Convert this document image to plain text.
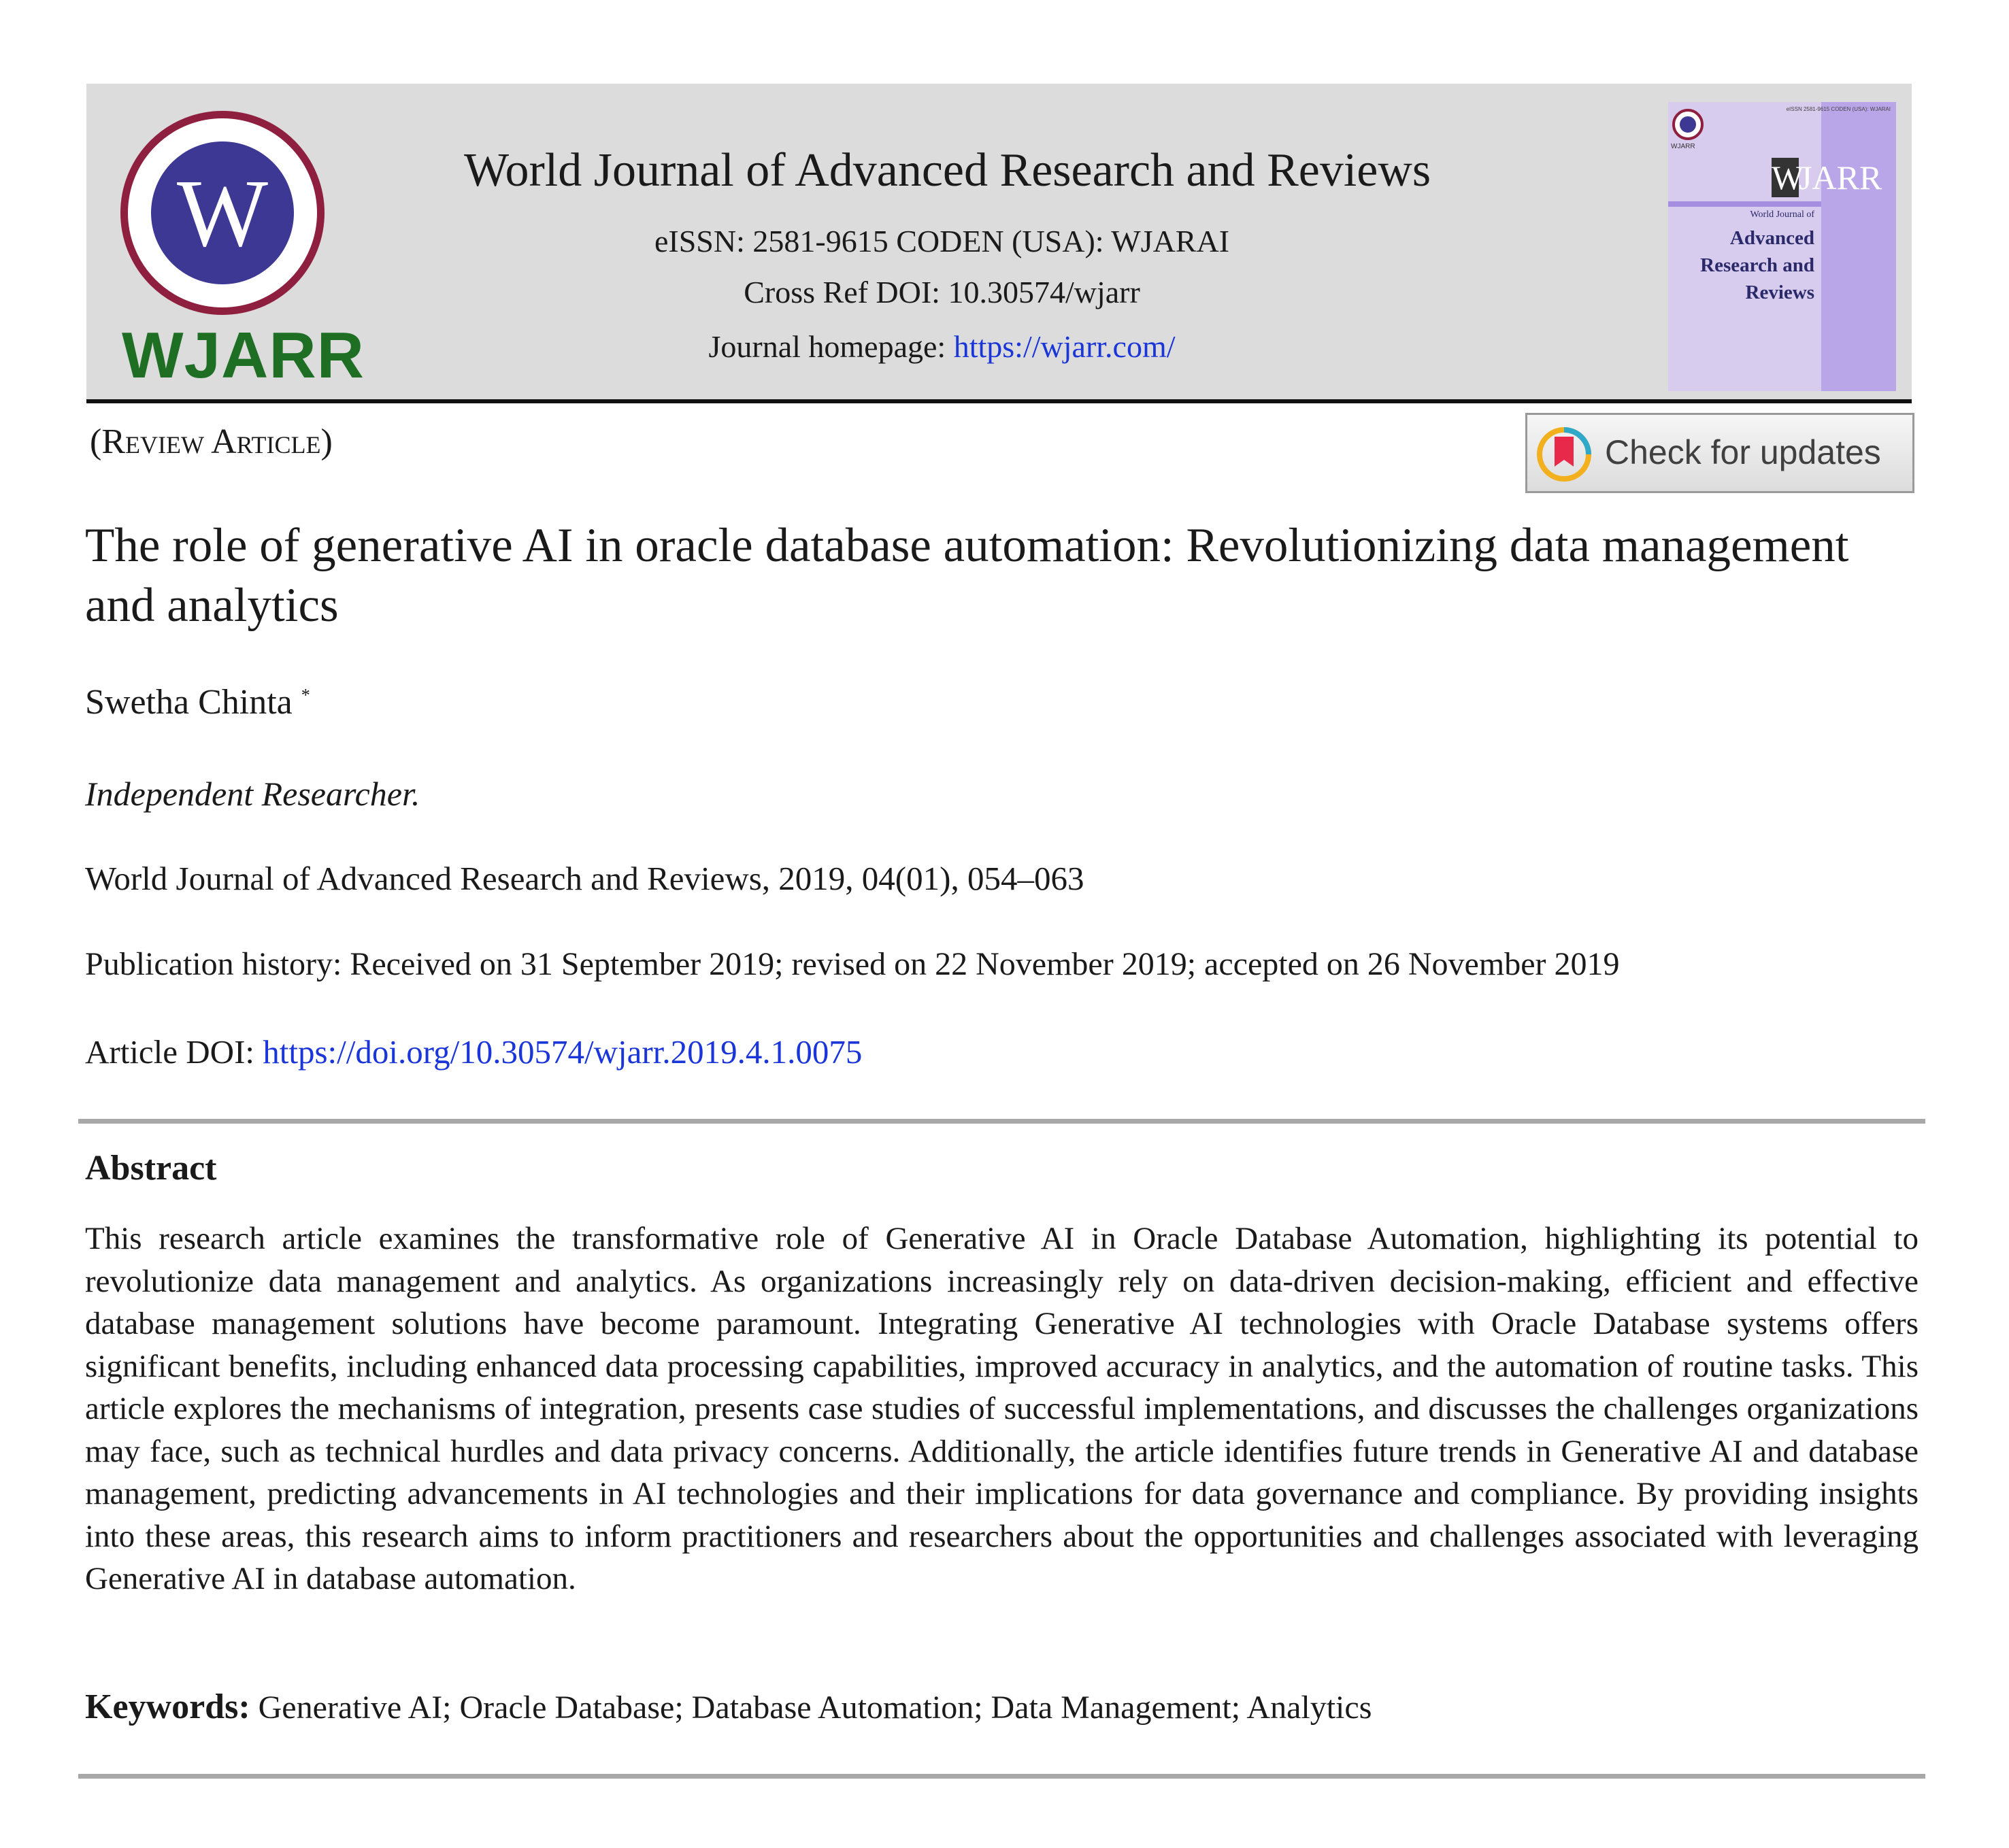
W
WJARR
World Journal of Advanced Research and Reviews
eISSN: 2581-9615 CODEN (USA): WJARAI
Cross Ref DOI: 10.30574/wjarr
Journal homepage: https://wjarr.com/
WJARR
eISSN 2581-9615 CODEN (USA): WJARAI
W
JARR
World Journal of
Advanced
Research and
Reviews
(Review Article)	Check for updates
The role of generative AI in oracle database automation: Revolutionizing data management and analytics
Swetha Chinta *
Independent Researcher.
World Journal of Advanced Research and Reviews, 2019, 04(01), 054–063
Publication history: Received on 31 September 2019; revised on 22 November 2019; accepted on 26 November 2019
Article DOI: https://doi.org/10.30574/wjarr.2019.4.1.0075
Abstract
This research article examines the transformative role of Generative AI in Oracle Database Automation, highlighting its potential to revolutionize data management and analytics. As organizations increasingly rely on data-driven decision-making, efficient and effective database management solutions have become paramount. Integrating Generative AI technologies with Oracle Database systems offers significant benefits, including enhanced data processing capabilities, improved accuracy in analytics, and the automation of routine tasks. This article explores the mechanisms of integration, presents case studies of successful implementations, and discusses the challenges organizations may face, such as technical hurdles and data privacy concerns. Additionally, the article identifies future trends in Generative AI and database management, predicting advancements in AI technologies and their implications for data governance and compliance. By providing insights into these areas, this research aims to inform practitioners and researchers about the opportunities and challenges associated with leveraging Generative AI in database automation.
Keywords: Generative AI; Oracle Database; Database Automation; Data Management; Analytics
